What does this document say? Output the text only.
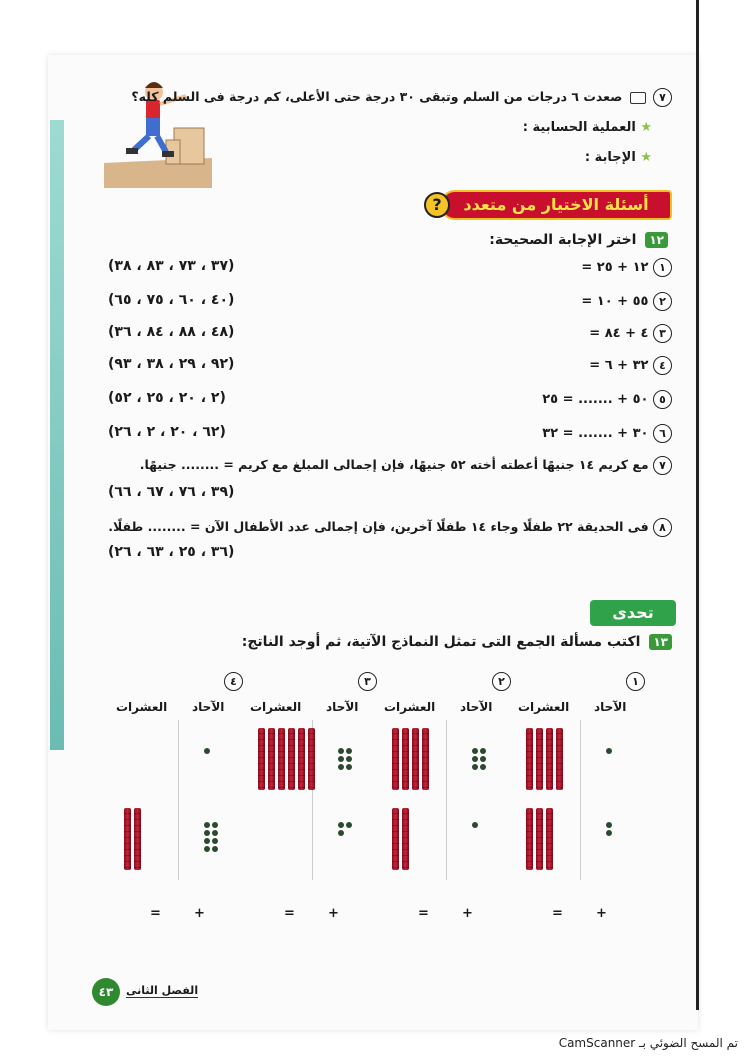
٧  صعدت ٦ درجات من السلم وتبقى ٣٠ درجة حتى الأعلى، كم درجة فى السلم كله؟
★ العملية الحسابية :
★ الإجابة :
أسئلة الاختيار من متعدد
?
١٢ اختر الإجابة الصحيحة:
(٣٧ ، ٧٣ ، ٨٣ ، ٣٨)	١ ١٢ + ٢٥ =
(٤٠ ، ٦٠ ، ٧٥ ، ٦٥)	٢ ٥٥ + ١٠ =
(٤٨ ، ٨٨ ، ٨٤ ، ٣٦)	٣ ٤ + ٨٤ =
(٩٢ ، ٢٩ ، ٣٨ ، ٩٣)	٤ ٣٢ + ٦ =
(٢ ، ٢٠ ، ٢٥ ، ٥٢)	٥ ٥٠ + ....... = ٢٥
(٦٢ ، ٢٠ ، ٢ ، ٢٦)	٦ ٣٠ + ....... = ٣٢
٧ مع كريم ١٤ جنيهًا أعطته أخته ٥٢ جنيهًا، فإن إجمالى المبلغ مع كريم = ........ جنيهًا.
(٣٩ ، ٧٦ ، ٦٧ ، ٦٦)
٨ فى الحديقة ٢٢ طفلًا وجاء ١٤ طفلًا آخرين، فإن إجمالى عدد الأطفال الآن = ........ طفلًا.
(٣٦ ، ٢٥ ، ٦٣ ، ٢٦)
تحدى
١٣ اكتب مسألة الجمع التى تمثل النماذج الآتية، ثم أوجد الناتج:
١
الآحاد
العشرات
+
=
٢
الآحاد
العشرات
+
=
٣
الآحاد
العشرات
+
=
٤
الآحاد
العشرات
+
=
٤٣	الفصل الثانى
تم المسح الضوئي بـ CamScanner
